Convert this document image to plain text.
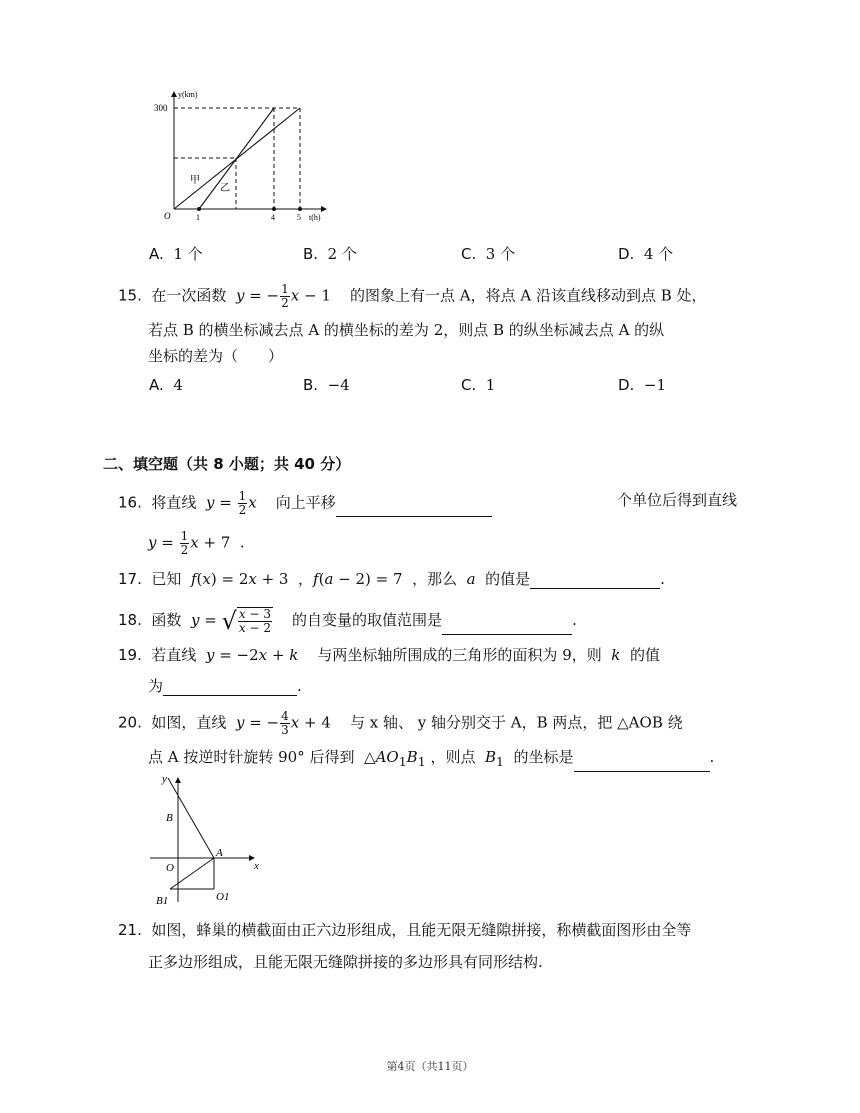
y(km)
300
O	1	4	5 t(h)
甲
乙
A. 1 个	B. 2 个	C. 3 个	D. 4 个
15. 在一次函数 y = − $\frac{1}{2}$ x − 1    的图象上有一点 A，将点 A 沿该直线移动到点 B 处，
若点 B 的横坐标减去点 A 的横坐标的差为 2，则点 B 的纵坐标减去点 A 的纵
坐标的差为（　　）
A. 4	B. −4	C. 1	D. −1
二、填空题（共 8 小题；共 40 分）
16. 将直线 $y = \frac{1}{2}$ x 向上平移	个单位后得到直线
$y = \frac{1}{2}$ x + 7  .
17. 已知 f(x) = 2x + 3  ，f(a − 2) = 7  ，那么 a 的值是	.
18. 函数 y = √ $\frac{x - 3}{x - 2}$ 的自变量的取值范围是	.
19. 若直线 y = −2x + k 与两坐标轴所围成的三角形的面积为 9，则 k 的值
为	.
20. 如图，直线 y = − $\frac{4}{3}$ x + 4    与 x 轴、 y 轴分别交于 A，B 两点，把 △AOB 绕
点 A 按逆时针旋转 90° 后得到  $\triangle AO_1B_1$ ，则点 $B_1$ 的坐标是	.
y
x
B
O
A
B1	O1
21. 如图，蜂巢的横截面由正六边形组成，且能无限无缝隙拼接，称横截面图形由全等
正多边形组成，且能无限无缝隙拼接的多边形具有同形结构.
第4页（共11页）
